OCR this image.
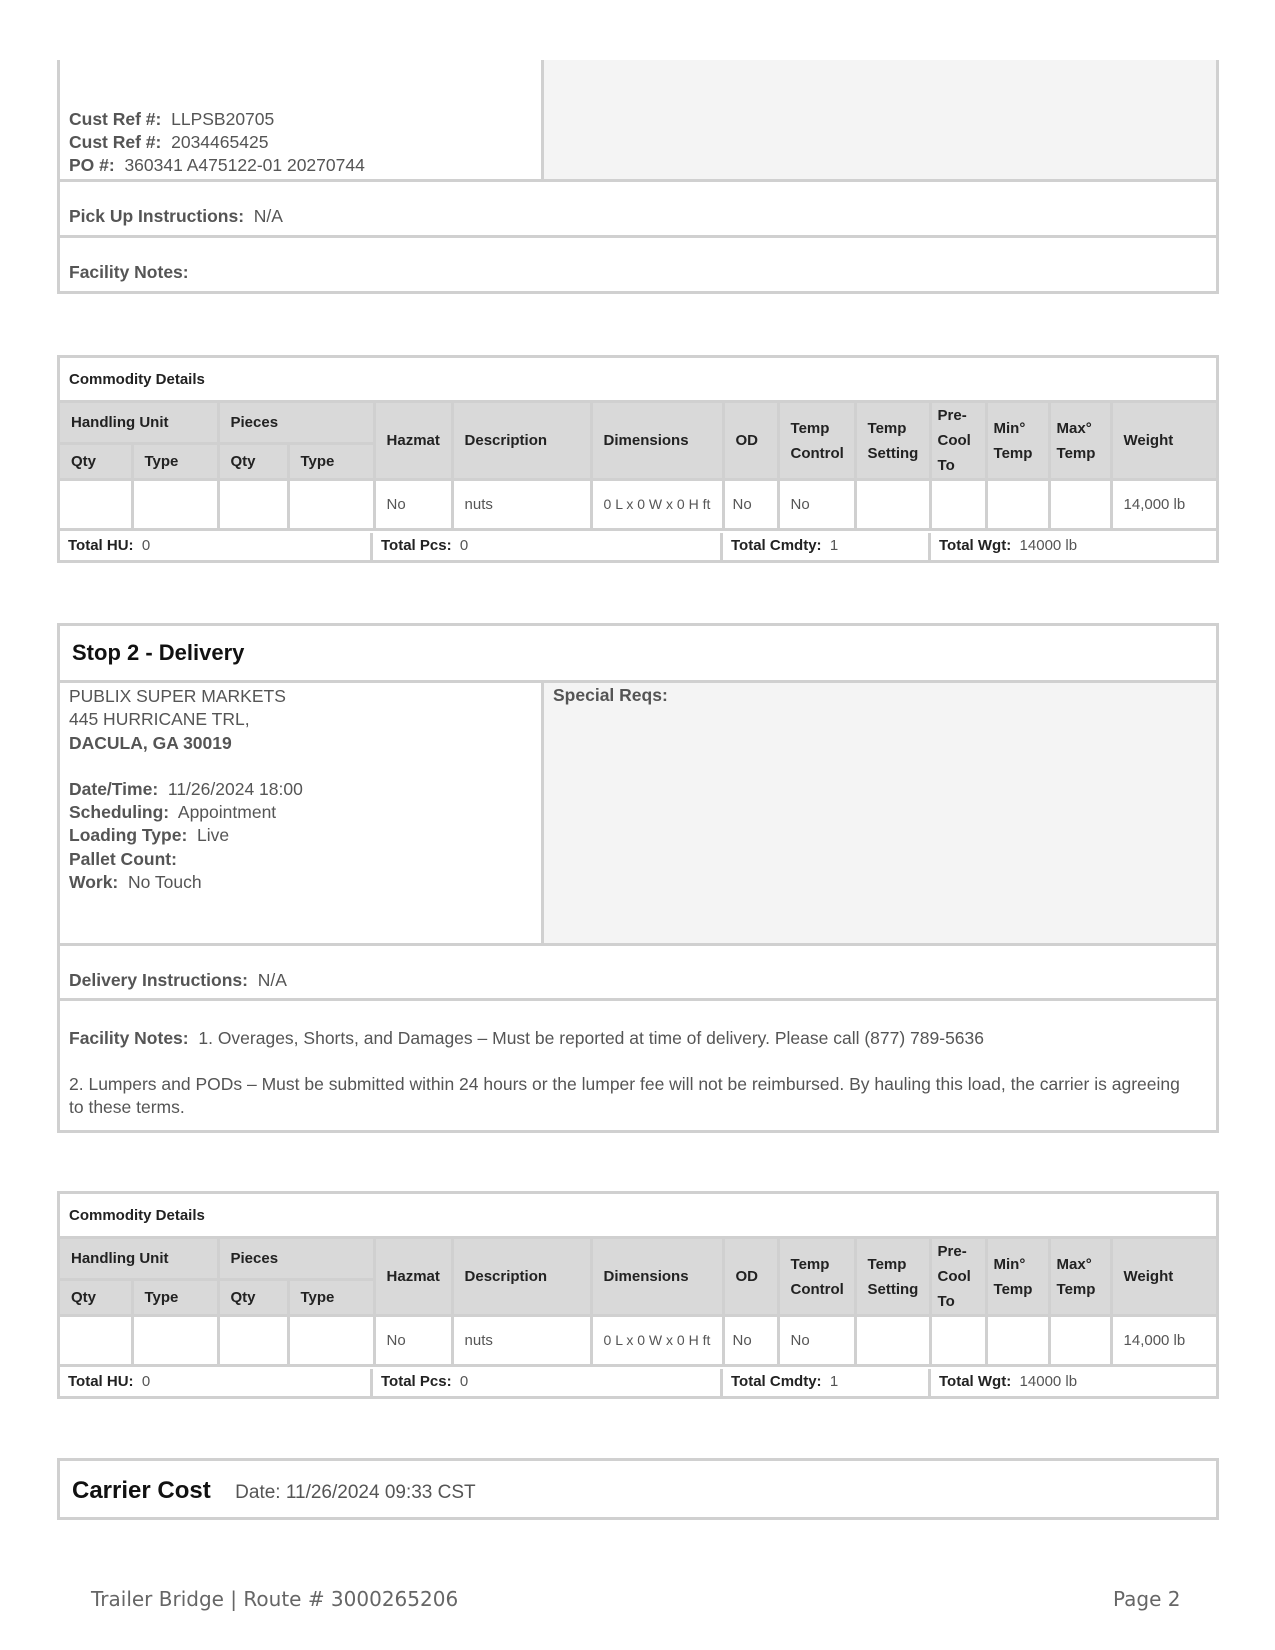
Cust Ref #: LLPSB20705
Cust Ref #: 2034465425
PO #: 360341 A475122-01 20270744
Pick Up Instructions: N/A
Facility Notes:
Commodity Details
Handling Unit		Pieces		Hazmat	Description	Dimensions	OD	Temp Control	Temp Setting	Pre-Cool To	Min° Temp	Max° Temp	Weight
Qty	Type	Qty	Type										
				No	nuts	0 L x 0 W x 0 H ft	No	No					14,000 lb
Total HU: 0	Total Pcs: 0	Total Cmdty: 1	Total Wgt: 14000 lb
Stop 2 - Delivery
PUBLIX SUPER MARKETS
445 HURRICANE TRL,
DACULA, GA 30019
Date/Time: 11/26/2024 18:00
Scheduling: Appointment
Loading Type: Live
Pallet Count:
Work: No Touch
Special Reqs:
Delivery Instructions: N/A

Facility Notes: 1. Overages, Shorts, and Damages – Must be reported at time of delivery. Please call (877) 789-5636

2. Lumpers and PODs – Must be submitted within 24 hours or the lumper fee will not be reimbursed. By hauling this load, the carrier is agreeing to these terms.

Commodity Details
Handling Unit		Pieces		Hazmat	Description	Dimensions	OD	Temp Control	Temp Setting	Pre-Cool To	Min° Temp	Max° Temp	Weight
Qty	Type	Qty	Type										
				No	nuts	0 L x 0 W x 0 H ft	No	No					14,000 lb
Total HU: 0	Total Pcs: 0	Total Cmdty: 1	Total Wgt: 14000 lb
Carrier Cost Date: 11/26/2024 09:33 CST
Trailer Bridge | Route # 3000265206	Page 2
